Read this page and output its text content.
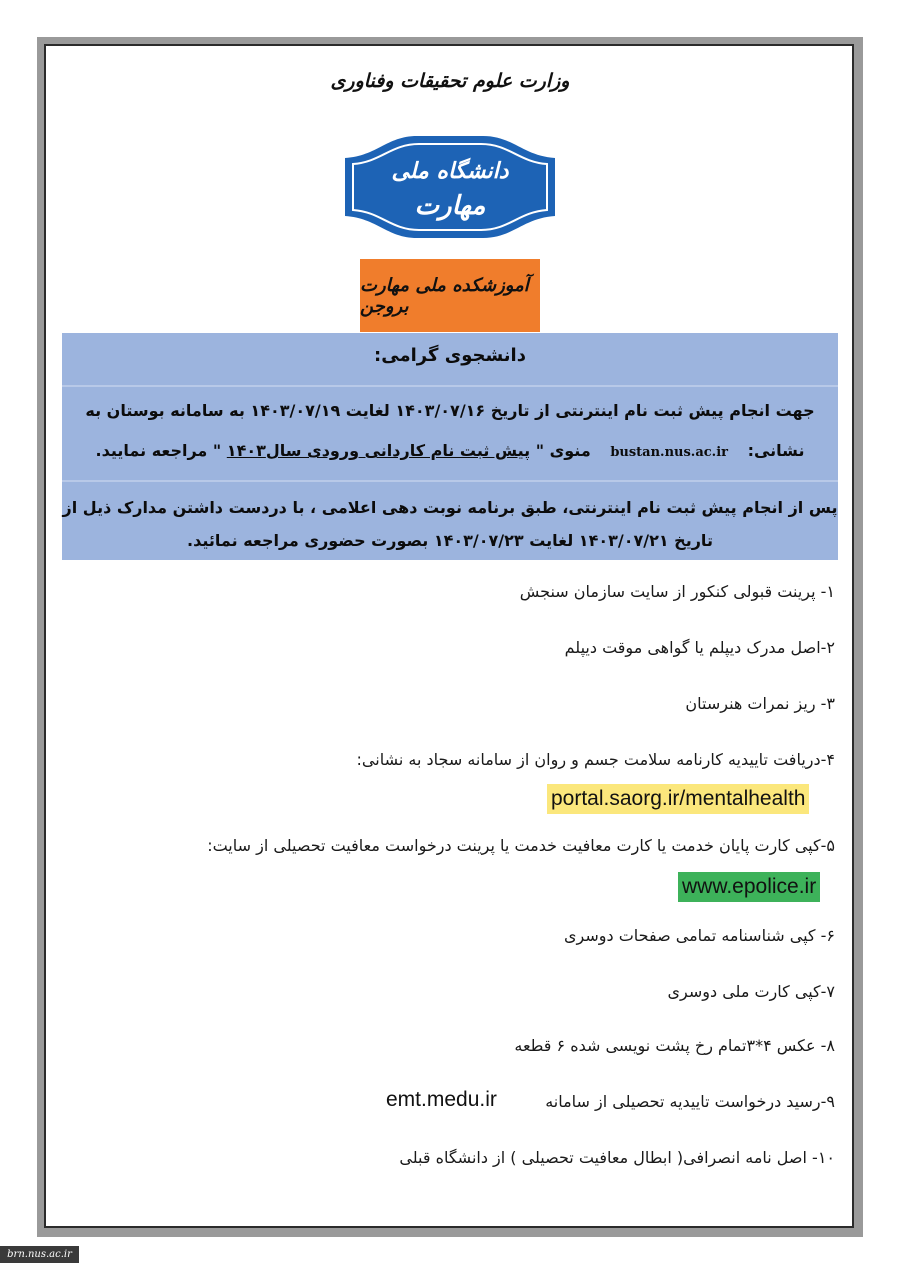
وزارت علوم تحقیقات وفناوری
دانشگاه ملی
مهارت
آموزشکده ملی مهارت بروجن
دانشجوی گرامی:
جهت انجام پیش ثبت نام اینترنتی از تاریخ ۱۴۰۳/۰۷/۱۶ لغایت ۱۴۰۳/۰۷/۱۹ به سامانه بوستان به
نشانی: bustan.nus.ac.ir منوی " پیش ثبت نام کاردانی ورودی سال۱۴۰۳ " مراجعه نمایید.
پس از انجام پیش ثبت نام اینترنتی، طبق برنامه نوبت دهی اعلامی ، با دردست داشتن مدارک ذیل از
تاریخ ۱۴۰۳/۰۷/۲۱ لغایت ۱۴۰۳/۰۷/۲۳ بصورت حضوری مراجعه نمائید.
۱- پرینت قبولی کنکور از سایت سازمان سنجش
۲-اصل مدرک دیپلم یا گواهی موقت دیپلم
۳- ریز نمرات هنرستان
۴-دریافت تاییدیه کارنامه سلامت جسم و روان از سامانه سجاد به نشانی:
portal.saorg.ir/mentalhealth
۵-کپی کارت پایان خدمت یا کارت معافیت خدمت یا پرینت درخواست معافیت تحصیلی از سایت:
www.epolice.ir
۶- کپی شناسنامه تمامی صفحات دوسری
۷-کپی کارت ملی دوسری
۸- عکس ۴*۳تمام رخ پشت نویسی شده ۶ قطعه
۹-رسید درخواست تاییدیه تحصیلی از سامانه
emt.medu.ir
۱۰- اصل نامه انصرافی( ابطال معافیت تحصیلی ) از دانشگاه قبلی
brn.nus.ac.ir
